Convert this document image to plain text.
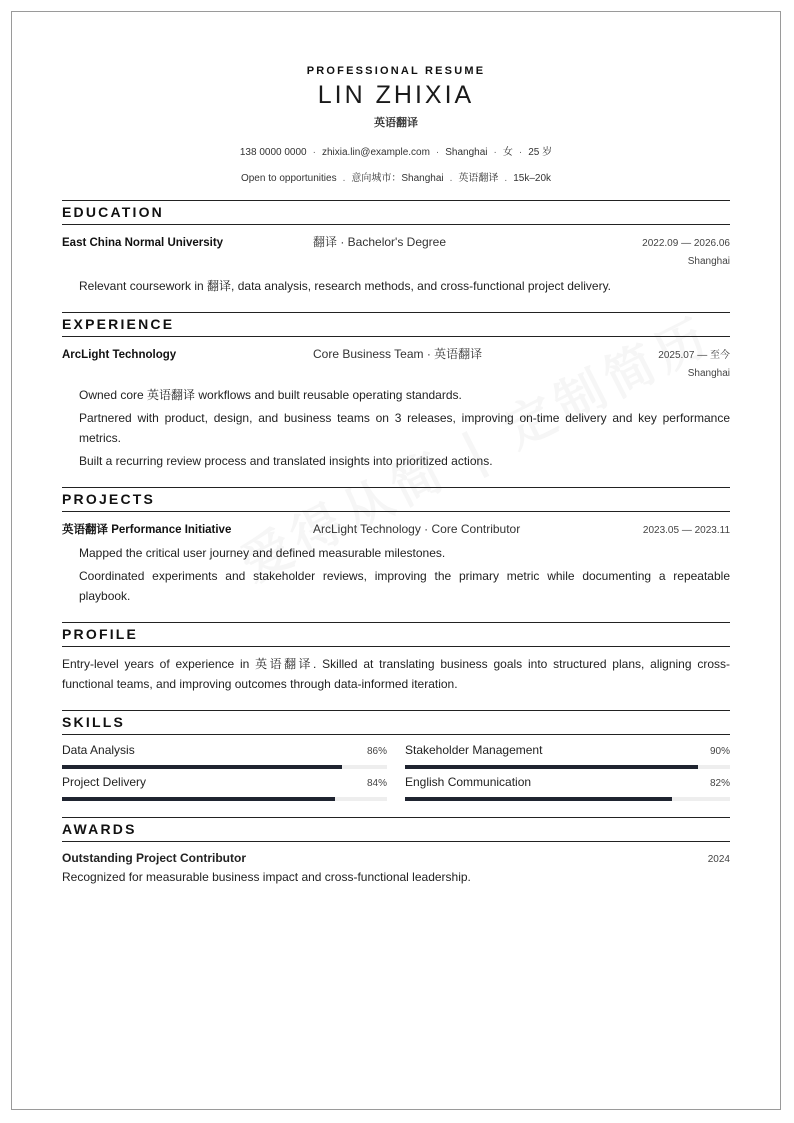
PROFESSIONAL RESUME
LIN ZHIXIA
英语翻译
138 0000 0000 · zhixia.lin@example.com · Shanghai · 女 · 25 岁
Open to opportunities . 意向城市：Shanghai . 英语翻译 . 15k–20k
EDUCATION
East China Normal University	翻译 · Bachelor's Degree	2022.09 — 2026.06
Shanghai
Relevant coursework in 翻译, data analysis, research methods, and cross-functional project delivery.
EXPERIENCE
ArcLight Technology	Core Business Team · 英语翻译	2025.07 — 至今
Shanghai
Owned core 英语翻译 workflows and built reusable operating standards.
Partnered with product, design, and business teams on 3 releases, improving on-time delivery and key performance metrics.
Built a recurring review process and translated insights into prioritized actions.
PROJECTS
英语翻译 Performance Initiative	ArcLight Technology · Core Contributor	2023.05 — 2023.11
Mapped the critical user journey and defined measurable milestones.
Coordinated experiments and stakeholder reviews, improving the primary metric while documenting a repeatable playbook.
PROFILE
Entry-level years of experience in 英语翻译. Skilled at translating business goals into structured plans, aligning cross-functional teams, and improving outcomes through data-informed iteration.
SKILLS
Data Analysis	86% Stakeholder Management	90%
Project Delivery	84% English Communication	82%
AWARDS
Outstanding Project Contributor	2024
Recognized for measurable business impact and cross-functional leadership.
